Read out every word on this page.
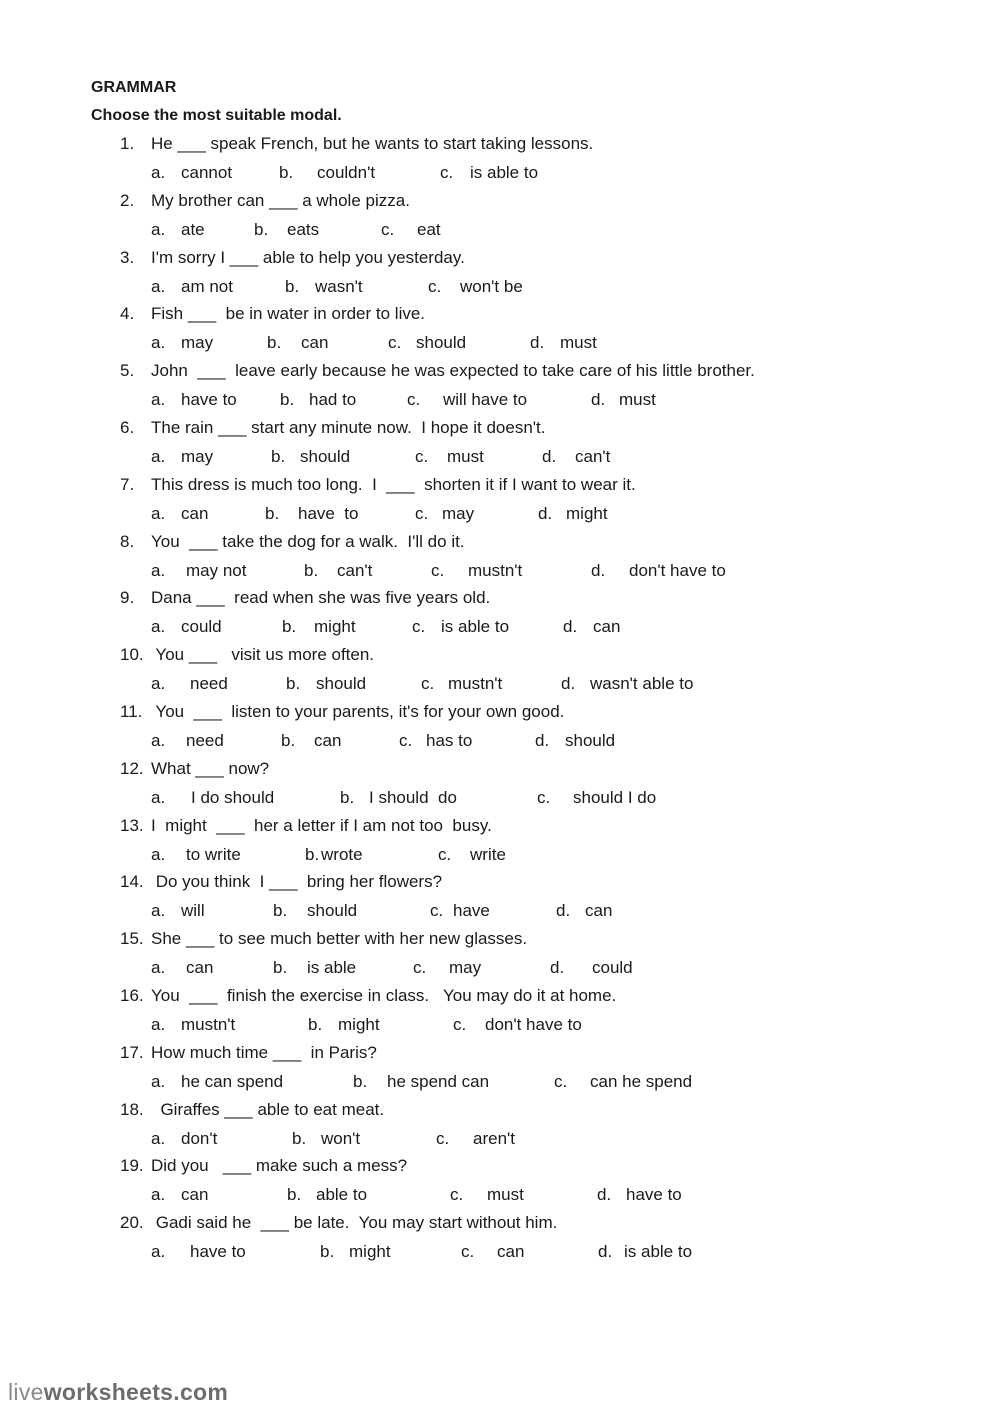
GRAMMAR
Choose the most suitable modal.
1. He ___ speak French, but he wants to start taking lessons.
a. cannot	b. couldn't	c. is able to
2. My brother can ___ a whole pizza.
a. ate	b. eats	c. eat
3. I'm sorry I ___ able to help you yesterday.
a. am not	b. wasn't	c. won't be
4. Fish ___  be in water in order to live.
a. may	b. can	c. should	d. must
5. John  ___  leave early because he was expected to take care of his little brother.
a. have to	b. had to	c. will have to	d. must
6. The rain ___ start any minute now.  I hope it doesn't.
a. may	b. should	c. must	d. can't
7. This dress is much too long.  I  ___  shorten it if I want to wear it.
a. can	b. have  to	c. may	d. might
8. You  ___ take the dog for a walk.  I'll do it.
a. may not	b. can't	c. mustn't	d. don't have to
9. Dana ___  read when she was five years old.
a. could	b. might	c. is able to	d. can
10. You ___   visit us more often.
a. need	b. should	c. mustn't	d. wasn't able to
11. You  ___  listen to your parents, it's for your own good.
a. need	b. can	c. has to	d. should
12. What ___ now?
a. I do should	b. I should  do	c. should I do
13. I  might  ___  her a letter if I am not too  busy.
a. to write	b. wrote	c. write
14. Do you think  I ___  bring her flowers?
a. will	b. should	c. have	d. can
15. She ___ to see much better with her new glasses.
a. can	b. is able	c. may	d. could
16. You  ___  finish the exercise in class.   You may do it at home.
a. mustn't	b. might	c. don't have to
17. How much time ___  in Paris?
a. he can spend	b. he spend can	c. can he spend
18.  Giraffes ___ able to eat meat.
a. don't	b. won't	c. aren't
19. Did you   ___ make such a mess?
a. can	b. able to	c. must	d. have to
20. Gadi said he  ___ be late.  You may start without him.
a. have to	b. might	c. can	d. is able to
liveworksheets.com
